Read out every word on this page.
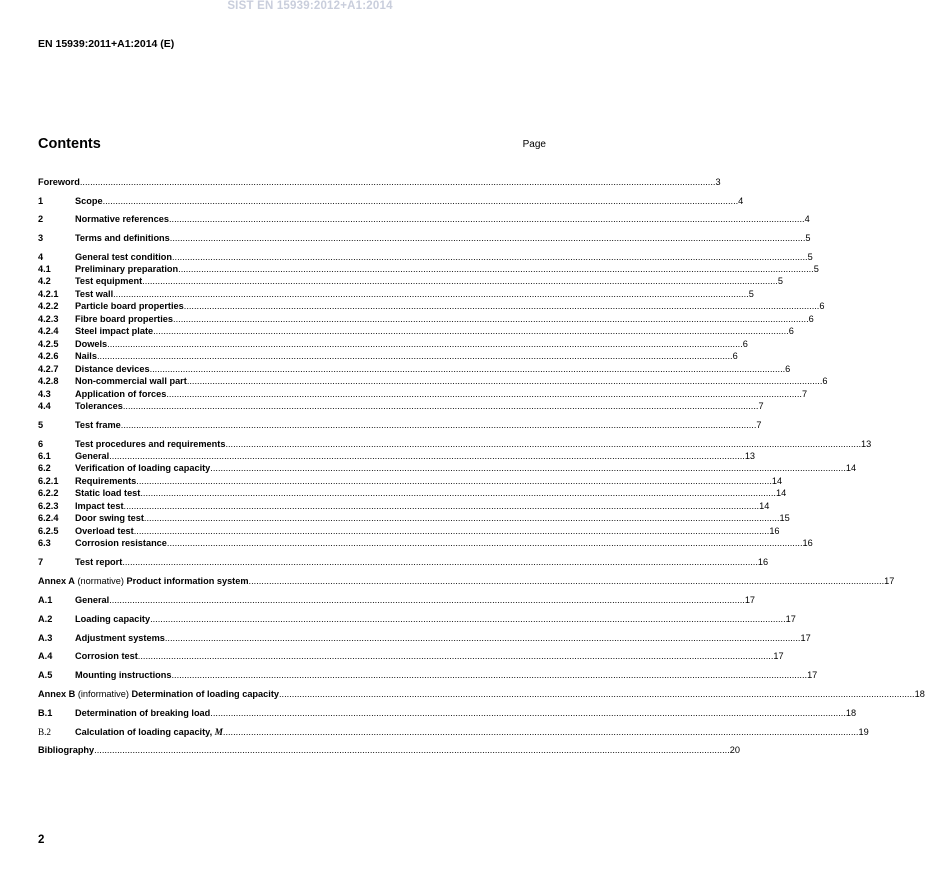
SIST EN 15939:2012+A1:2014
EN 15939:2011+A1:2014 (E)
Contents	Page
Foreword .....	3
1	Scope .....	4
2	Normative references .....	4
3	Terms and definitions .....	5
4	General test condition .....	5
4.1	Preliminary preparation .....	5
4.2	Test equipment .....	5
4.2.1	Test wall .....	5
4.2.2	Particle board properties .....	6
4.2.3	Fibre board properties .....	6
4.2.4	Steel impact plate .....	6
4.2.5	Dowels .....	6
4.2.6	Nails .....	6
4.2.7	Distance devices .....	6
4.2.8	Non-commercial wall part .....	6
4.3	Application of forces .....	7
4.4	Tolerances .....	7
5	Test frame .....	7
6	Test procedures and requirements .....	13
6.1	General .....	13
6.2	Verification of loading capacity .....	14
6.2.1	Requirements .....	14
6.2.2	Static load test .....	14
6.2.3	Impact test .....	14
6.2.4	Door swing test .....	15
6.2.5	Overload test .....	16
6.3	Corrosion resistance .....	16
7	Test report .....	16
Annex A (normative) Product information system .....	17
A.1	General .....	17
A.2	Loading capacity .....	17
A.3	Adjustment systems .....	17
A.4	Corrosion test .....	17
A.5	Mounting instructions .....	17
Annex B (informative) Determination of loading capacity .....	18
B.1	Determination of breaking load .....	18
B.2	Calculation of loading capacity, M .....	19
Bibliography .....	20
2
